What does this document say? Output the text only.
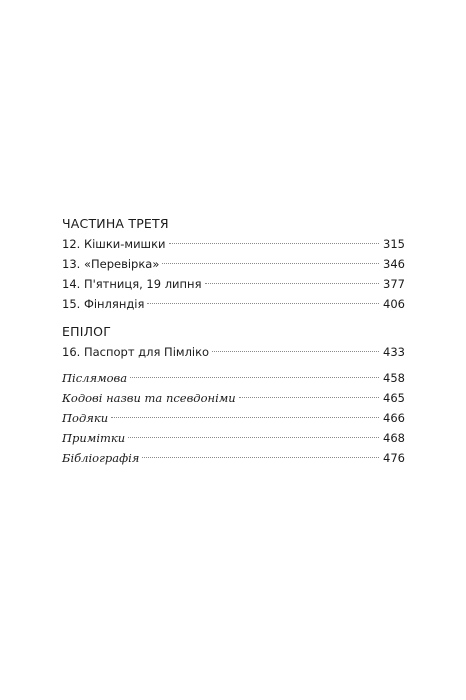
ЧАСТИНА ТРЕТЯ
12. Кішки-мишки	315
13. «Перевірка»	346
14. П'ятниця, 19 липня	377
15. Фінляндія	406
ЕПІЛОГ
16. Паспорт для Пімліко	433
Післямова	458
Кодові назви та псевдоніми	465
Подяки	466
Примітки	468
Бібліографія	476
